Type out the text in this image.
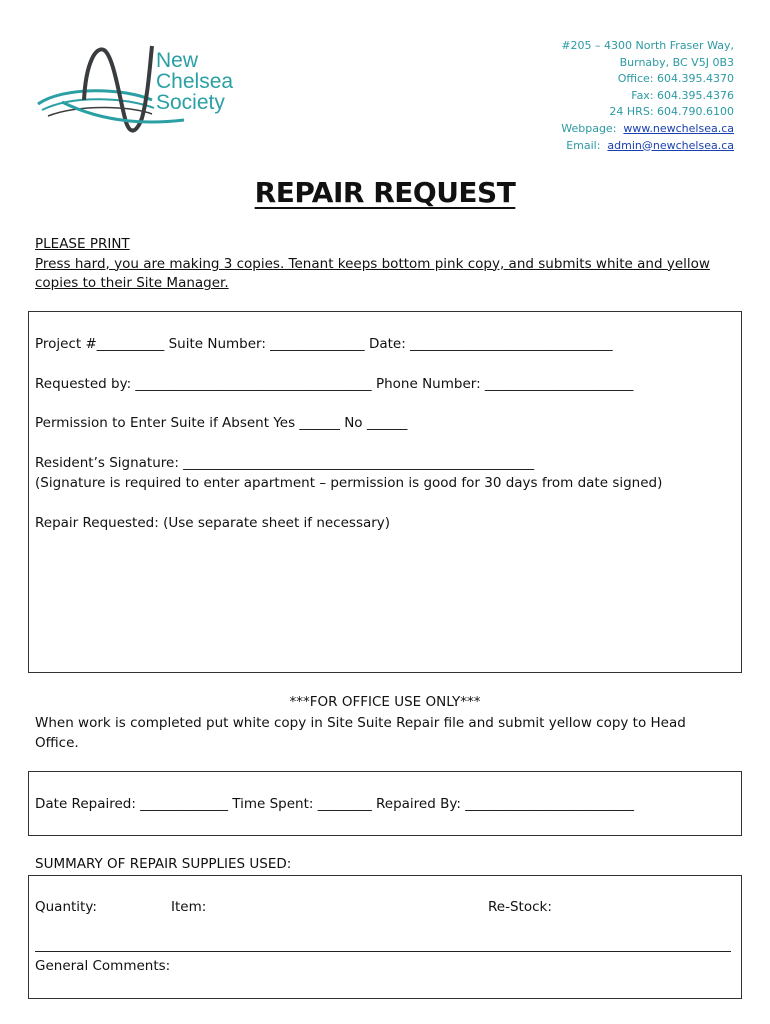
New
Chelsea
Society
#205 – 4300 North Fraser Way,
Burnaby, BC V5J 0B3
Office: 604.395.4370
Fax: 604.395.4376
24 HRS: 604.790.6100
Webpage: www.newchelsea.ca
Email: admin@newchelsea.ca
REPAIR REQUEST
PLEASE PRINT
Press hard, you are making 3 copies. Tenant keeps bottom pink copy, and submits white and yellow copies to their Site Manager.
Project #__________ Suite Number: ______________ Date: ______________________________
Requested by: ___________________________________ Phone Number: ______________________
Permission to Enter Suite if Absent Yes ______ No ______
Resident’s Signature: ____________________________________________________
(Signature is required to enter apartment – permission is good for 30 days from date signed)
Repair Requested: (Use separate sheet if necessary)
***FOR OFFICE USE ONLY***
When work is completed put white copy in Site Suite Repair file and submit yellow copy to Head Office.
Date Repaired: _____________ Time Spent: ________ Repaired By: _________________________
SUMMARY OF REPAIR SUPPLIES USED:
Quantity:	Item:	Re-Stock:
General Comments:
